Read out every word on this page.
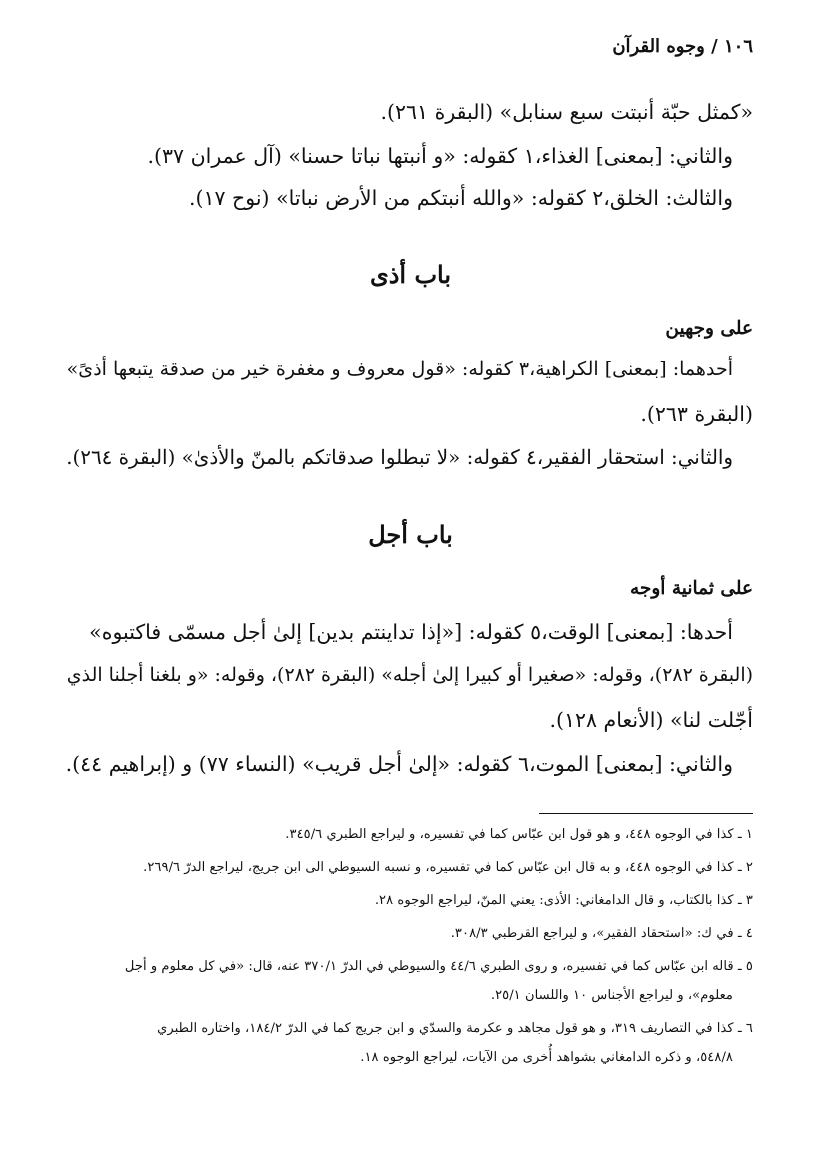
١٠٦ / وجوه القرآن
«كمثل حبّة أنبتت سبع سنابل» (البقرة ٢٦١).
والثاني: [بمعنى] الغذاء،١ كقوله: «و أنبتها نباتا حسنا» (آل عمران ٣٧).
والثالث: الخلق،٢ كقوله: «والله أنبتكم من الأرض نباتا» (نوح ١٧).
باب أذى
على وجهين
أحدهما: [بمعنى] الكراهية،٣ كقوله: «قول معروف و مغفرة خير من صدقة يتبعها أذىً»
(البقرة ٢٦٣).
والثاني: استحقار الفقير،٤ كقوله: «لا تبطلوا صدقاتكم بالمنّ والأذىٰ» (البقرة ٢٦٤).
باب أجل
على ثمانية أوجه
أحدها: [بمعنى] الوقت،٥ كقوله: [«إذا تداينتم بدين] إلىٰ أجل مسمّى فاكتبوه»
(البقرة ٢٨٢)، وقوله: «صغيرا أو كبيرا إلىٰ أجله» (البقرة ٢٨٢)، وقوله: «و بلغنا أجلنا الذي
أجّلت لنا» (الأنعام ١٢٨).
والثاني: [بمعنى] الموت،٦ كقوله: «إلىٰ أجل قريب» (النساء ٧٧) و (إبراهيم ٤٤).
١ ـ كذا في الوجوه ٤٤٨، و هو قول ابن عبّاس كما في تفسيره، و ليراجع الطبري ٣٤٥/٦.
٢ ـ كذا في الوجوه ٤٤٨، و به قال ابن عبّاس كما في تفسيره، و نسبه السيوطي الى ابن جريج، ليراجع الدرّ ٢٦٩/٦.
٣ ـ كذا بالكتاب، و قال الدامغاني: الأذى: يعني المنّ، ليراجع الوجوه ٢٨.
٤ ـ في ك: «استحقاد الفقير»، و ليراجع القرطبي ٣٠٨/٣.
٥ ـ قاله ابن عبّاس كما في تفسيره، و روى الطبري ٤٤/٦ والسيوطي في الدرّ ٣٧٠/١ عنه، قال: «في كل معلوم و أجل
معلوم»، و ليراجع الأجناس ١٠ واللسان ٢٥/١.
٦ ـ كذا في التصاريف ٣١٩، و هو قول مجاهد و عكرمة والسدّي و ابن جريج كما في الدرّ ١٨٤/٢، واختاره الطبري
٥٤٨/٨، و ذكره الدامغاني بشواهد أُخرى من الآيات، ليراجع الوجوه ١٨.
